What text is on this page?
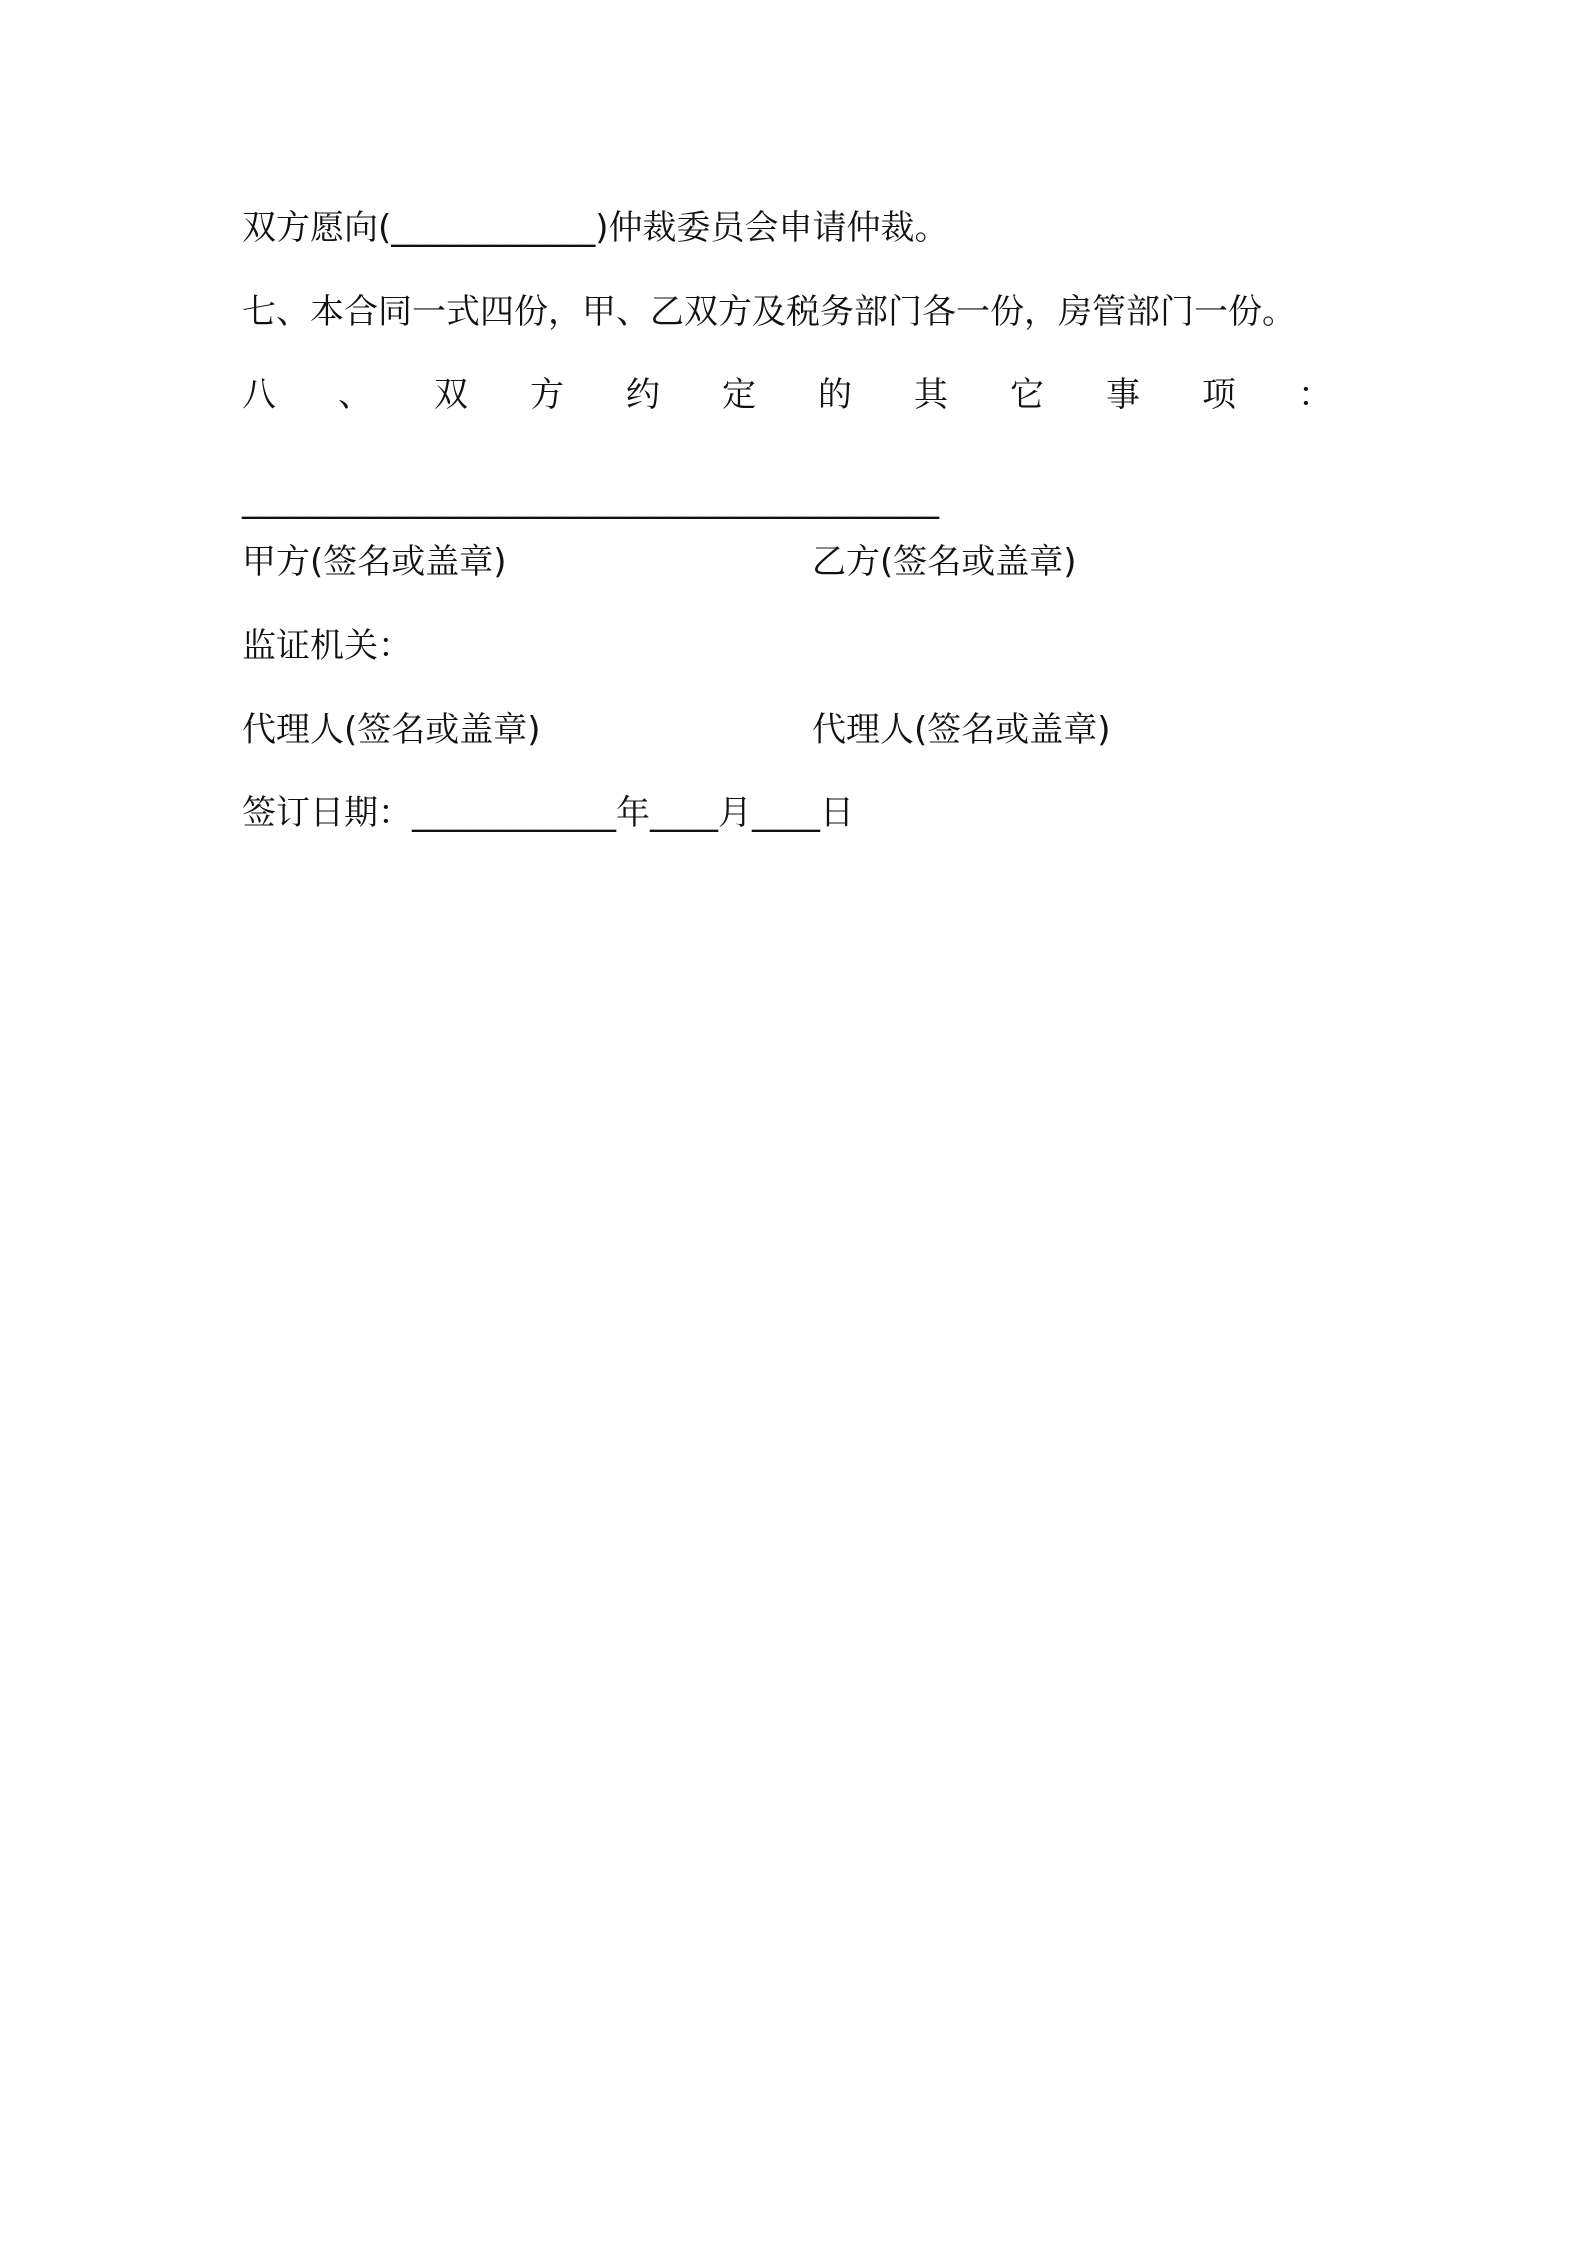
双方愿向(____________)仲裁委员会申请仲裁。
七、本合同一式四份，甲、乙双方及税务部门各一份，房管部门一份。
八 、 双 方 约 定 的 其 它 事 项 ：
_________________________________________
甲方(签名或盖章)	乙方(签名或盖章)
监证机关：
代理人(签名或盖章)	代理人(签名或盖章)
签订日期：____________年____月____日
